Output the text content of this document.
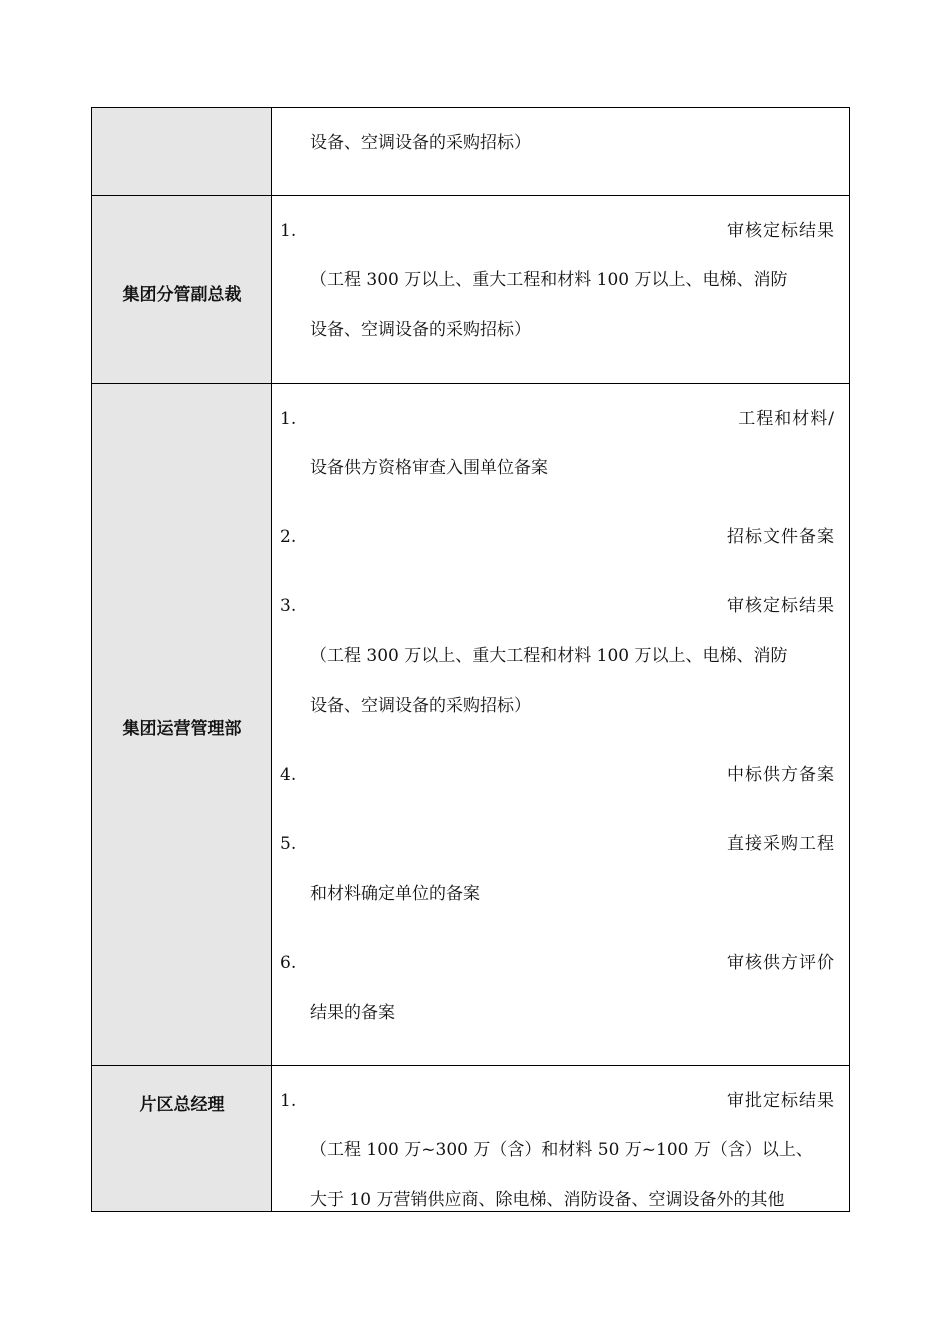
设备、空调设备的采购招标）
集团分管副总裁
1.	审核定标结果
（工程 300 万以上、重大工程和材料 100 万以上、电梯、消防
设备、空调设备的采购招标）
集团运营管理部
1.	工程和材料/
设备供方资格审查入围单位备案
2.	招标文件备案
3.	审核定标结果
（工程 300 万以上、重大工程和材料 100 万以上、电梯、消防
设备、空调设备的采购招标）
4.	中标供方备案
5.	直接采购工程
和材料确定单位的备案
6.	审核供方评价
结果的备案
片区总经理	1.	审批定标结果
（工程 100 万~300 万（含）和材料 50 万~100 万（含）以上、
大于 10 万营销供应商、除电梯、消防设备、空调设备外的其他
